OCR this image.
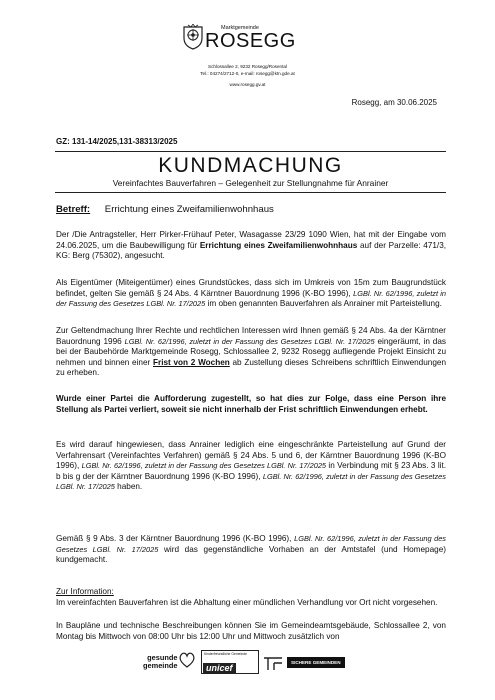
Marktgemeinde
ROSEGG
Schlossallee 2, 9232 Rosegg/Rosental
Tel.: 04274/2712-0, e-mail: rosegg@ktn.gde.at
www.rosegg.gv.at
Rosegg, am 30.06.2025
GZ: 131-14/2025,131-38313/2025
KUNDMACHUNG
Vereinfachtes Bauverfahren – Gelegenheit zur Stellungnahme für Anrainer
Betreff: Errichtung eines Zweifamilienwohnhaus

Der /Die Antragsteller, Herr Pirker-Frühauf Peter, Wasagasse 23/29 1090 Wien, hat mit der Eingabe vom 24.06.2025, um die Baubewilligung für Errichtung eines Zweifamilienwohnhaus auf der Parzelle: 471/3, KG: Berg (75302), angesucht.

Als Eigentümer (Miteigentümer) eines Grundstückes, dass sich im Umkreis von 15m zum Baugrundstück befindet, gelten Sie gemäß § 24 Abs. 4 Kärntner Bauordnung 1996 (K-BO 1996), LGBl. Nr. 62/1996, zuletzt in der Fassung des Gesetzes LGBl. Nr. 17/2025 im oben genannten Bauverfahren als Anrainer mit Parteistellung.

Zur Geltendmachung Ihrer Rechte und rechtlichen Interessen wird Ihnen gemäß § 24 Abs. 4a der Kärntner Bauordnung 1996 LGBl. Nr. 62/1996, zuletzt in der Fassung des Gesetzes LGBl. Nr. 17/2025 eingeräumt, in das bei der Baubehörde Marktgemeinde Rosegg, Schlossallee 2, 9232 Rosegg aufliegende Projekt Einsicht zu nehmen und binnen einer Frist von 2 Wochen ab Zustellung dieses Schreibens schriftlich Einwendungen zu erheben.

Wurde einer Partei die Aufforderung zugestellt, so hat dies zur Folge, dass eine Person ihre Stellung als Partei verliert, soweit sie nicht innerhalb der Frist schriftlich Einwendungen erhebt.

Es wird darauf hingewiesen, dass Anrainer lediglich eine eingeschränkte Parteistellung auf Grund der Verfahrensart (Vereinfachtes Verfahren) gemäß § 24 Abs. 5 und 6, der Kärntner Bauordnung 1996 (K-BO 1996), LGBl. Nr. 62/1996, zuletzt in der Fassung des Gesetzes LGBl. Nr. 17/2025 in Verbindung mit § 23 Abs. 3 lit. b bis g der der Kärntner Bauordnung 1996 (K-BO 1996), LGBl. Nr. 62/1996, zuletzt in der Fassung des Gesetzes LGBl. Nr. 17/2025 haben.

Gemäß § 9 Abs. 3 der Kärntner Bauordnung 1996 (K-BO 1996), LGBl. Nr. 62/1996, zuletzt in der Fassung des Gesetzes LGBl. Nr. 17/2025 wird das gegenständliche Vorhaben an der Amtstafel (und Homepage) kundgemacht.

Zur Information:

Im vereinfachten Bauverfahren ist die Abhaltung einer mündlichen Verhandlung vor Ort nicht vorgesehen.

In Baupläne und technische Beschreibungen können Sie im Gemeindeamtsgebäude, Schlossallee 2, von Montag bis Mittwoch von 08:00 Uhr bis 12:00 Uhr und Mittwoch zusätzlich von

gesunde
gemeinde
Kinderfreundliche Gemeinde
unicef
SICHERE GEMEINDEN
